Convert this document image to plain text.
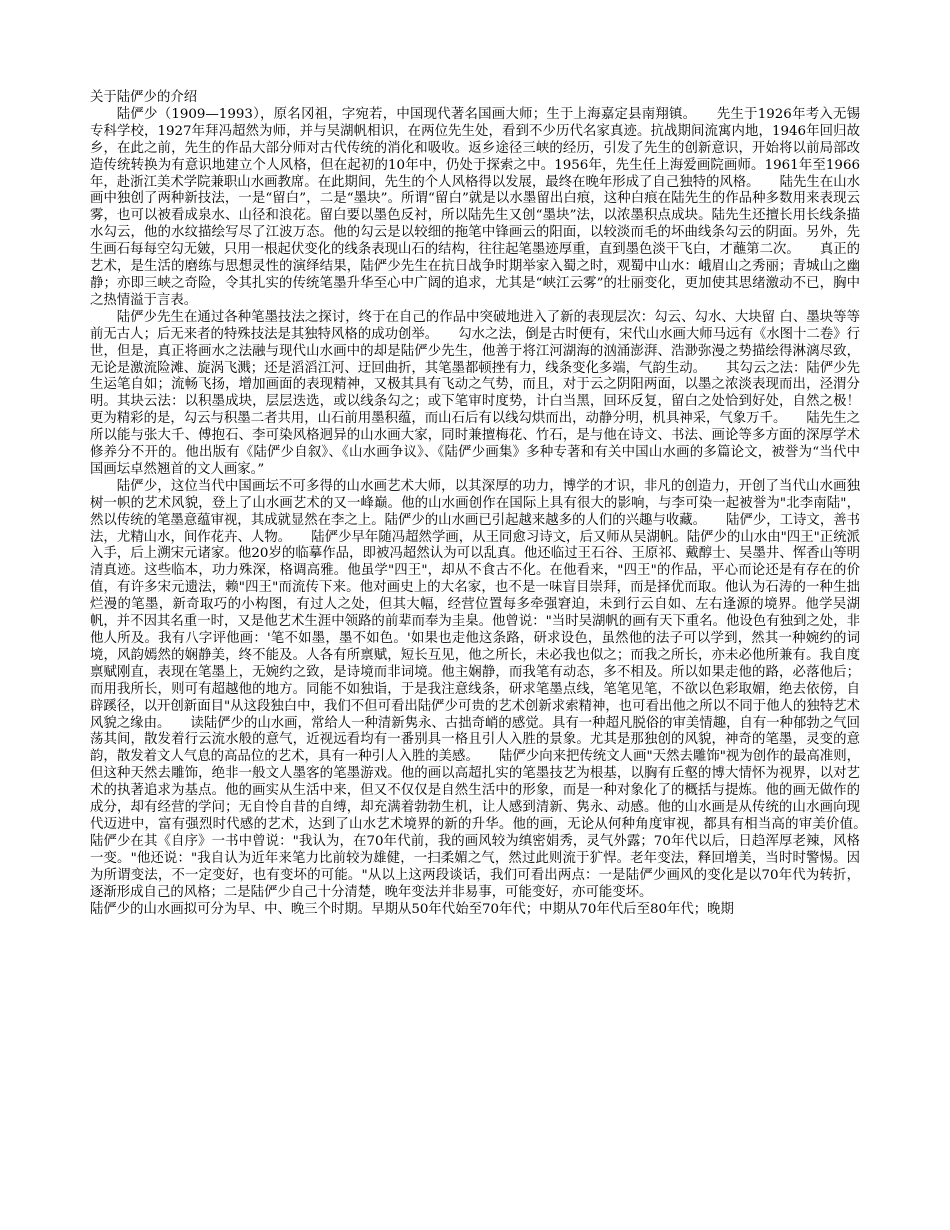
关于陆俨少的介绍

陆俨少（1909—1993），原名冈祖，字宛若，中国现代著名国画大师；生于上海嘉定县南翔镇。　　先生于1926年考入无锡专科学校，1927年拜冯超然为师，并与吴湖帆相识，在两位先生处，看到不少历代名家真迹。抗战期间流寓内地，1946年回归故乡，在此之前，先生的作品大部分师对古代传统的消化和吸收。返乡途径三峡的经历，引发了先生的创新意识，开始将以前局部改造传统转换为有意识地建立个人风格，但在起初的10年中，仍处于探索之中。1956年，先生任上海爱画院画师。1961年至1966年，赴浙江美术学院兼职山水画教席。在此期间，先生的个人风格得以发展，最终在晚年形成了自己独特的风格。　　陆先生在山水画中独创了两种新技法，一是“留白”，二是“墨块”。所谓“留白”就是以水墨留出白痕，这种白痕在陆先生的作品种多数用来表现云雾，也可以被看成泉水、山径和浪花。留白要以墨色反衬，所以陆先生又创“墨块”法，以浓墨积点成块。陆先生还擅长用长线条描水勾云，他的水纹描绘写尽了江波万态。他的勾云是以较细的拖笔中锋画云的阳面，以较淡而毛的坏曲线条勾云的阴面。另外，先生画石每每空勾无皴，只用一根起伏变化的线条表现山石的结构，往往起笔墨迹厚重，直到墨色淡干飞白，才蘸第二次。　　真正的艺术，是生活的磨练与思想灵性的演绎结果，陆俨少先生在抗日战争时期举家入蜀之时，观蜀中山水：峨眉山之秀丽；青城山之幽静；亦即三峡之奇险，令其扎实的传统笔墨升华至心中广阔的追求，尤其是“峡江云雾”的壮丽变化，更加使其思绪激动不已，胸中之热情溢于言表。

陆俨少先生在通过各种笔墨技法之探讨，终于在自己的作品中突破地进入了新的表现层次：勾云、勾水、大块留 白、墨块等等前无古人；后无来者的特殊技法是其独特风格的成功创举。　　勾水之法，倒是古时便有，宋代山水画大师马远有《水图十二卷》行世，但是，真正将画水之法融与现代山水画中的却是陆俨少先生，他善于将江河湖海的汹涌澎湃、浩渺弥漫之势描绘得淋漓尽致，无论是激流险滩、旋涡飞溅；还是滔滔江河、迂回曲折，其笔墨都顿挫有力，线条变化多端，气韵生动。　　其勾云之法：陆俨少先生运笔自如；流畅飞扬，增加画面的表现精神，又极其具有飞动之气势，而且，对于云之阴阳两面，以墨之浓淡表现而出，泾渭分明。其块云法：以积墨成块，层层迭选，或以线条勾之；或下笔审时度势，计白当黑，回环反复，留白之处恰到好处，自然之极！更为精彩的是，勾云与积墨二者共用，山石前用墨积蕴，而山石后有以线勾烘而出，动静分明，机具神采，气象万千。　　陆先生之所以能与张大千、傅抱石、李可染风格迥异的山水画大家，同时兼擅梅花、竹石，是与他在诗文、书法、画论等多方面的深厚学术修养分不开的。他出版有《陆俨少自叙》、《山水画争议》、《陆俨少画集》多种专著和有关中国山水画的多篇论文，被誉为“当代中国画坛卓然翘首的文人画家。”

陆俨少，这位当代中国画坛不可多得的山水画艺术大师，以其深厚的功力，博学的才识，非凡的创造力，开创了当代山水画独树一帜的艺术风貌，登上了山水画艺术的又一峰巅。他的山水画创作在国际上具有很大的影响，与李可染一起被誉为"北李南陆"，然以传统的笔墨意蕴审视，其成就显然在李之上。陆俨少的山水画已引起越来越多的人们的兴趣与收藏。　　陆俨少，工诗文，善书法，尤精山水，间作花卉、人物。　　陆俨少早年随冯超然学画，从王同愈习诗文，后又师从吴湖帆。陆俨少的山水由"四王"正统派入手，后上溯宋元诸家。他20岁的临摹作品，即被冯超然认为可以乱真。他还临过王石谷、王原祁、戴醇士、吴墨井、恽香山等明清真迹。这些临本，功力殊深，格调高雅。他虽学"四王"，却从不食古不化。在他看来，"四王"的作品，平心而论还是有存在的价值，有许多宋元遗法，赖"四王"而流传下来。他对画史上的大名家，也不是一味盲目崇拜，而是择优而取。他认为石涛的一种生拙烂漫的笔墨，新奇取巧的小构图，有过人之处，但其大幅，经营位置每多牵强窘迫，未到行云自如、左右逢源的境界。他学吴湖帆，并不因其名重一时，又是他艺术生涯中领路的前辈而奉为圭臬。他曾说："当时吴湖帆的画有天下重名。他设色有独到之处，非他人所及。我有八字评他画：'笔不如墨，墨不如色。'如果也走他这条路，研求设色，虽然他的法子可以学到，然其一种婉约的词境，风韵嫣然的娴静美，终不能及。人各有所禀赋，短长互见，他之所长，未必我也似之；而我之所长，亦未必他所兼有。我自度禀赋刚直，表现在笔墨上，无婉约之致，是诗境而非词境。他主娴静，而我笔有动态，多不相及。所以如果走他的路，必落他后；而用我所长，则可有超越他的地方。同能不如独诣，于是我注意线条，研求笔墨点线，笔笔见笔，不欲以色彩取媚，绝去依傍，自辟蹊径，以开创新面目"从这段独白中，我们不但可看出陆俨少可贵的艺术创新求索精神，也可看出他之所以不同于他人的独特艺术风貌之缘由。　　读陆俨少的山水画，常给人一种清新隽永、古拙奇峭的感觉。具有一种超凡脱俗的审美情趣，自有一种郁勃之气回荡其间，散发着行云流水般的意气，近视远看均有一番别具一格且引人入胜的景象。尤其是那独创的风貌，神奇的笔墨，灵变的意韵，散发着文人气息的高品位的艺术，具有一种引人入胜的美感。　　陆俨少向来把传统文人画"天然去雕饰"视为创作的最高准则，但这种天然去雕饰，绝非一般文人墨客的笔墨游戏。他的画以高超扎实的笔墨技艺为根基，以胸有丘壑的博大情怀为视界，以对艺术的执著追求为基点。他的画实从生活中来，但又不仅仅是自然生活中的形象，而是一种对象化了的概括与提炼。他的画无做作的成分，却有经营的学问；无自怜自昔的自缚，却充满着勃勃生机，让人感到清新、隽永、动感。他的山水画是从传统的山水画向现代迈进中，富有强烈时代感的艺术，达到了山水艺术境界的新的升华。他的画，无论从何种角度审视，都具有相当高的审美价值。　　陆俨少在其《自序》一书中曾说："我认为，在70年代前，我的画风较为缜密娟秀，灵气外露；70年代以后，日趋浑厚老辣，风格一变。"他还说："我自认为近年来笔力比前较为雄健，一扫柔媚之气，然过此则流于犷悍。老年变法，释回增美，当时时警惕。因为所谓变法，不一定变好，也有变坏的可能。"从以上这两段谈话，我们可看出两点：一是陆俨少画风的变化是以70年代为转折，逐渐形成自己的风格；二是陆俨少自己十分清楚，晚年变法并非易事，可能变好，亦可能变坏。

陆俨少的山水画拟可分为早、中、晚三个时期。早期从50年代始至70年代；中期从70年代后至80年代；晚期
